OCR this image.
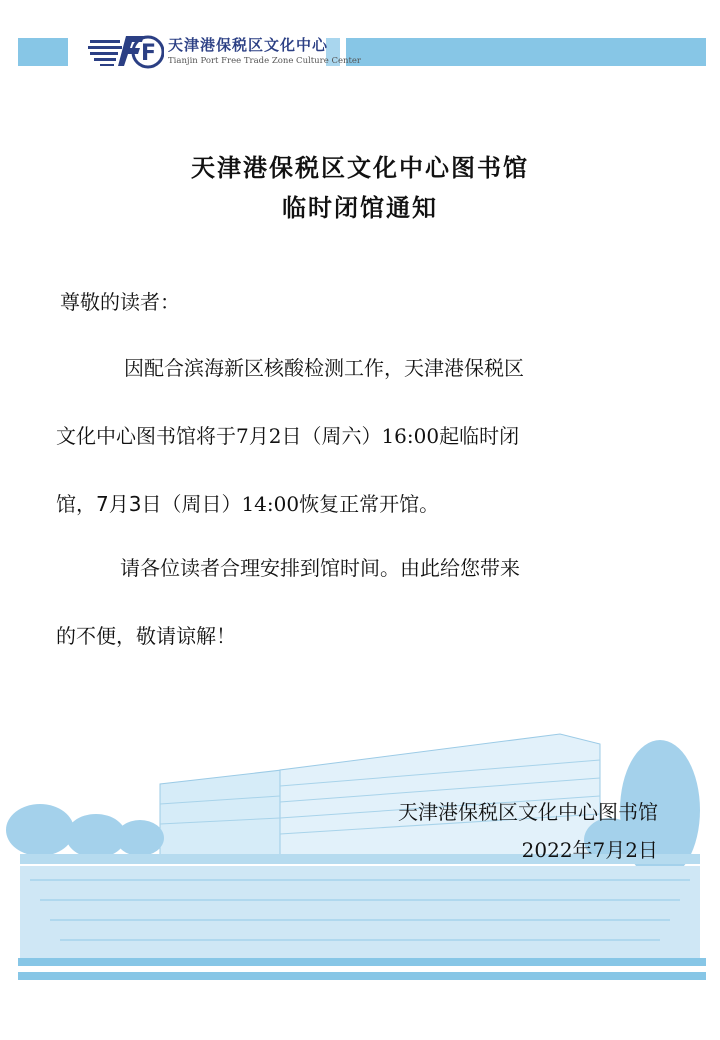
F 天津港保税区文化中心
Tianjin Port Free Trade Zone Culture Center
天津港保税区文化中心图书馆
临时闭馆通知
尊敬的读者：
因配合滨海新区核酸检测工作，天津港保税区
文化中心图书馆将于7月2日（周六）16:00起临时闭
馆，7月3日（周日）14:00恢复正常开馆。
请各位读者合理安排到馆时间。由此给您带来
的不便，敬请谅解！
天津港保税区文化中心图书馆
2022年7月2日
